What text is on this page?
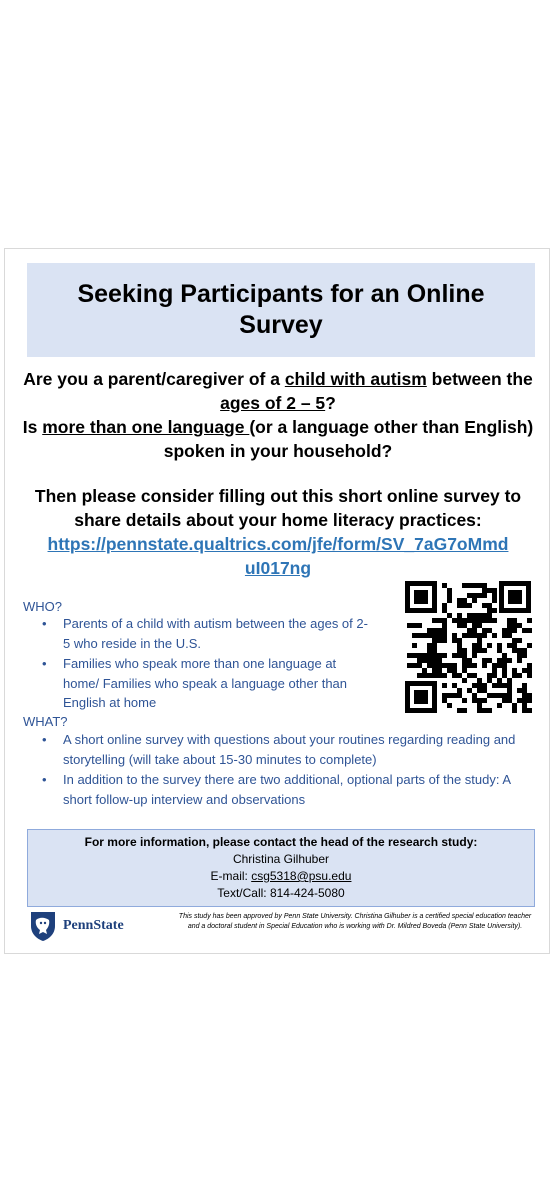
Seeking Participants for an Online Survey
Are you a parent/caregiver of a child with autism between the ages of 2 – 5?
Is more than one language (or a language other than English) spoken in your household?
Then please consider filling out this short online survey to share details about your home literacy practices:
https://pennstate.qualtrics.com/jfe/form/SV_7aG7oMmduI017ng
WHO?
• Parents of a child with autism between the ages of 2-5 who reside in the U.S.
• Families who speak more than one language at home/ Families who speak a language other than English at home
WHAT?
• A short online survey with questions about your routines regarding reading and storytelling (will take about 15-30 minutes to complete)
• In addition to the survey there are two additional, optional parts of the study: A short follow-up interview and observations
For more information, please contact the head of the research study:
Christina Gilhuber
E-mail: csg5318@psu.edu
Text/Call: 814-424-5080
PennState
This study has been approved by Penn State University. Christina Gilhuber is a certified special education teacher and a doctoral student in Special Education who is working with Dr. Mildred Boveda (Penn State University).
